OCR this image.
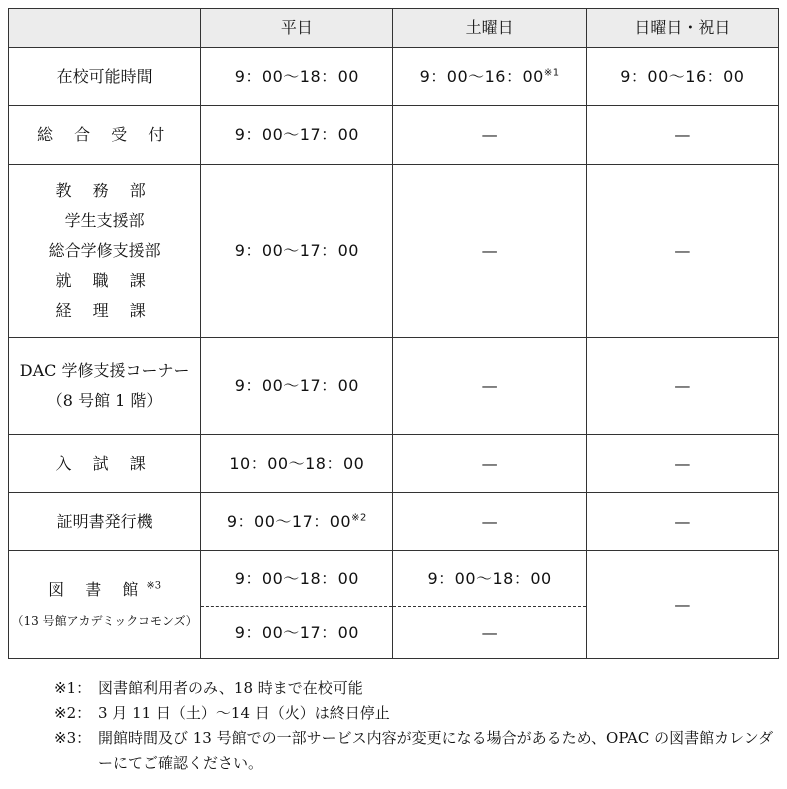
	平日	土曜日	日曜日・祝日
在校可能時間	9：00〜18：00	9：00〜16：00$^{※1}$	9：00〜16：00
総 合 受 付	9：00〜17：00	—	—

教 務 部
学生支援部
総合学修支援部
就 職 課
経 理 課	9：00〜17：00	—	—

DAC 学修支援コーナー
（8 号館 1 階）	9：00〜17：00	—	—
入 試 課	10：00〜18：00	—	—
証明書発行機	9：00〜17：00$^{※2}$	—	—
図 書 館$^{※3}$
（13 号館アカデミックコモンズ）	9：00〜18：00	9：00〜18：00	—
	9：00〜17：00	—	
※1： 図書館利用者のみ、18 時まで在校可能
※2： 3 月 11 日（土）〜14 日（火）は終日停止
※3： 開館時間及び 13 号館での一部サービス内容が変更になる場合があるため、OPAC の図書館カレンダーにてご確認ください。
